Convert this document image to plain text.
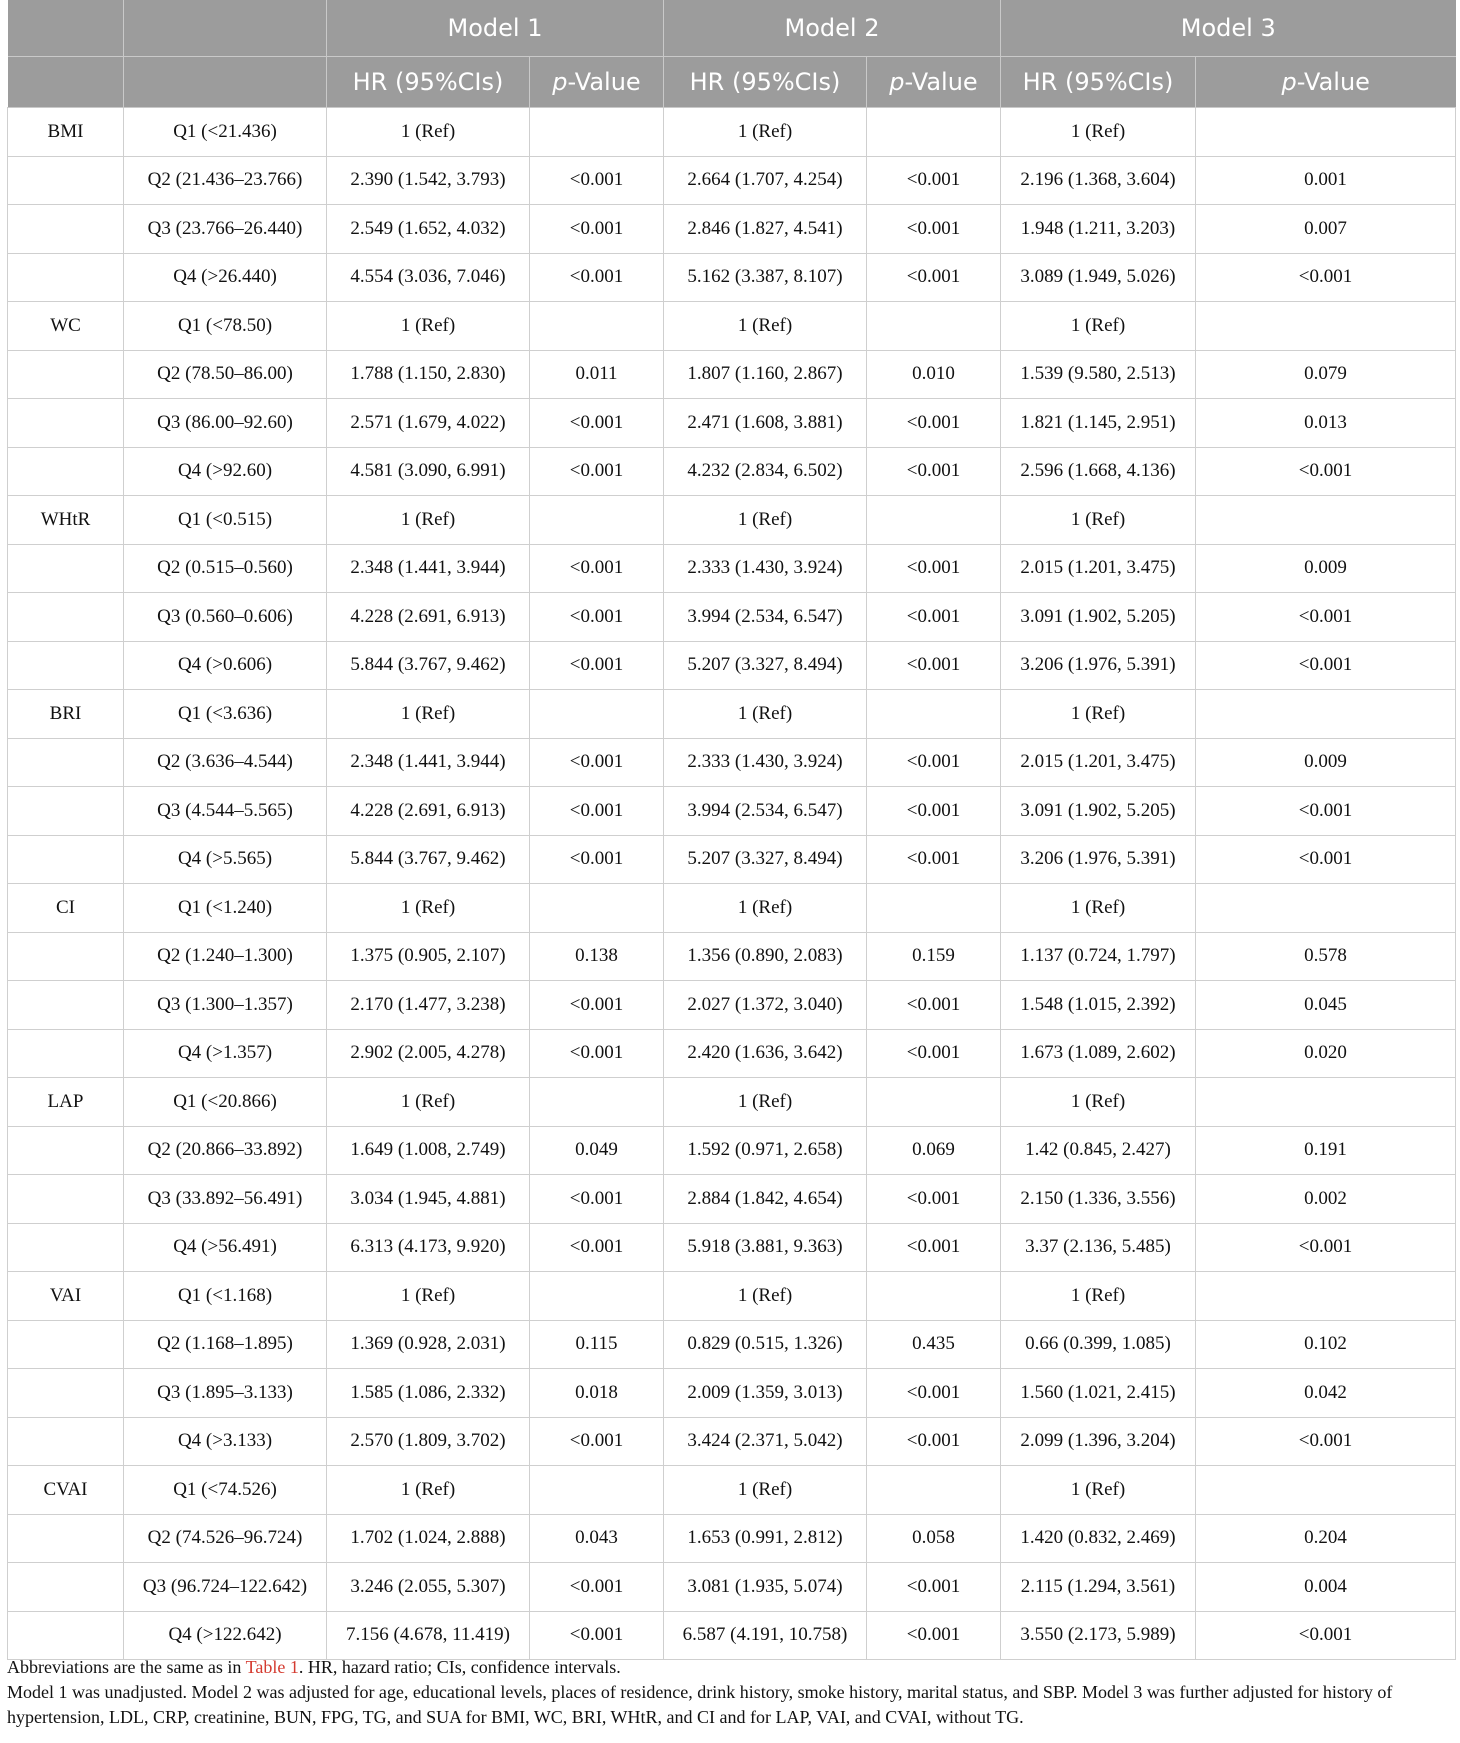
		Model 1		Model 2		Model 3	
		HR (95%CIs)	p-Value	HR (95%CIs)	p-Value	HR (95%CIs)	p-Value
BMI	Q1 (<21.436)	1 (Ref)		1 (Ref)		1 (Ref)	
	Q2 (21.436–23.766)	2.390 (1.542, 3.793)	<0.001	2.664 (1.707, 4.254)	<0.001	2.196 (1.368, 3.604)	0.001
	Q3 (23.766–26.440)	2.549 (1.652, 4.032)	<0.001	2.846 (1.827, 4.541)	<0.001	1.948 (1.211, 3.203)	0.007
	Q4 (>26.440)	4.554 (3.036, 7.046)	<0.001	5.162 (3.387, 8.107)	<0.001	3.089 (1.949, 5.026)	<0.001
WC	Q1 (<78.50)	1 (Ref)		1 (Ref)		1 (Ref)	
	Q2 (78.50–86.00)	1.788 (1.150, 2.830)	0.011	1.807 (1.160, 2.867)	0.010	1.539 (9.580, 2.513)	0.079
	Q3 (86.00–92.60)	2.571 (1.679, 4.022)	<0.001	2.471 (1.608, 3.881)	<0.001	1.821 (1.145, 2.951)	0.013
	Q4 (>92.60)	4.581 (3.090, 6.991)	<0.001	4.232 (2.834, 6.502)	<0.001	2.596 (1.668, 4.136)	<0.001
WHtR	Q1 (<0.515)	1 (Ref)		1 (Ref)		1 (Ref)	
	Q2 (0.515–0.560)	2.348 (1.441, 3.944)	<0.001	2.333 (1.430, 3.924)	<0.001	2.015 (1.201, 3.475)	0.009
	Q3 (0.560–0.606)	4.228 (2.691, 6.913)	<0.001	3.994 (2.534, 6.547)	<0.001	3.091 (1.902, 5.205)	<0.001
	Q4 (>0.606)	5.844 (3.767, 9.462)	<0.001	5.207 (3.327, 8.494)	<0.001	3.206 (1.976, 5.391)	<0.001
BRI	Q1 (<3.636)	1 (Ref)		1 (Ref)		1 (Ref)	
	Q2 (3.636–4.544)	2.348 (1.441, 3.944)	<0.001	2.333 (1.430, 3.924)	<0.001	2.015 (1.201, 3.475)	0.009
	Q3 (4.544–5.565)	4.228 (2.691, 6.913)	<0.001	3.994 (2.534, 6.547)	<0.001	3.091 (1.902, 5.205)	<0.001
	Q4 (>5.565)	5.844 (3.767, 9.462)	<0.001	5.207 (3.327, 8.494)	<0.001	3.206 (1.976, 5.391)	<0.001
CI	Q1 (<1.240)	1 (Ref)		1 (Ref)		1 (Ref)	
	Q2 (1.240–1.300)	1.375 (0.905, 2.107)	0.138	1.356 (0.890, 2.083)	0.159	1.137 (0.724, 1.797)	0.578
	Q3 (1.300–1.357)	2.170 (1.477, 3.238)	<0.001	2.027 (1.372, 3.040)	<0.001	1.548 (1.015, 2.392)	0.045
	Q4 (>1.357)	2.902 (2.005, 4.278)	<0.001	2.420 (1.636, 3.642)	<0.001	1.673 (1.089, 2.602)	0.020
LAP	Q1 (<20.866)	1 (Ref)		1 (Ref)		1 (Ref)	
	Q2 (20.866–33.892)	1.649 (1.008, 2.749)	0.049	1.592 (0.971, 2.658)	0.069	1.42 (0.845, 2.427)	0.191
	Q3 (33.892–56.491)	3.034 (1.945, 4.881)	<0.001	2.884 (1.842, 4.654)	<0.001	2.150 (1.336, 3.556)	0.002
	Q4 (>56.491)	6.313 (4.173, 9.920)	<0.001	5.918 (3.881, 9.363)	<0.001	3.37 (2.136, 5.485)	<0.001
VAI	Q1 (<1.168)	1 (Ref)		1 (Ref)		1 (Ref)	
	Q2 (1.168–1.895)	1.369 (0.928, 2.031)	0.115	0.829 (0.515, 1.326)	0.435	0.66 (0.399, 1.085)	0.102
	Q3 (1.895–3.133)	1.585 (1.086, 2.332)	0.018	2.009 (1.359, 3.013)	<0.001	1.560 (1.021, 2.415)	0.042
	Q4 (>3.133)	2.570 (1.809, 3.702)	<0.001	3.424 (2.371, 5.042)	<0.001	2.099 (1.396, 3.204)	<0.001
CVAI	Q1 (<74.526)	1 (Ref)		1 (Ref)		1 (Ref)	
	Q2 (74.526–96.724)	1.702 (1.024, 2.888)	0.043	1.653 (0.991, 2.812)	0.058	1.420 (0.832, 2.469)	0.204
	Q3 (96.724–122.642)	3.246 (2.055, 5.307)	<0.001	3.081 (1.935, 5.074)	<0.001	2.115 (1.294, 3.561)	0.004
	Q4 (>122.642)	7.156 (4.678, 11.419)	<0.001	6.587 (4.191, 10.758)	<0.001	3.550 (2.173, 5.989)	<0.001

Abbreviations are the same as in Table 1. HR, hazard ratio; CIs, confidence intervals.

Model 1 was unadjusted. Model 2 was adjusted for age, educational levels, places of residence, drink history, smoke history, marital status, and SBP. Model 3 was further adjusted for history of hypertension, LDL, CRP, creatinine, BUN, FPG, TG, and SUA for BMI, WC, BRI, WHtR, and CI and for LAP, VAI, and CVAI, without TG.
